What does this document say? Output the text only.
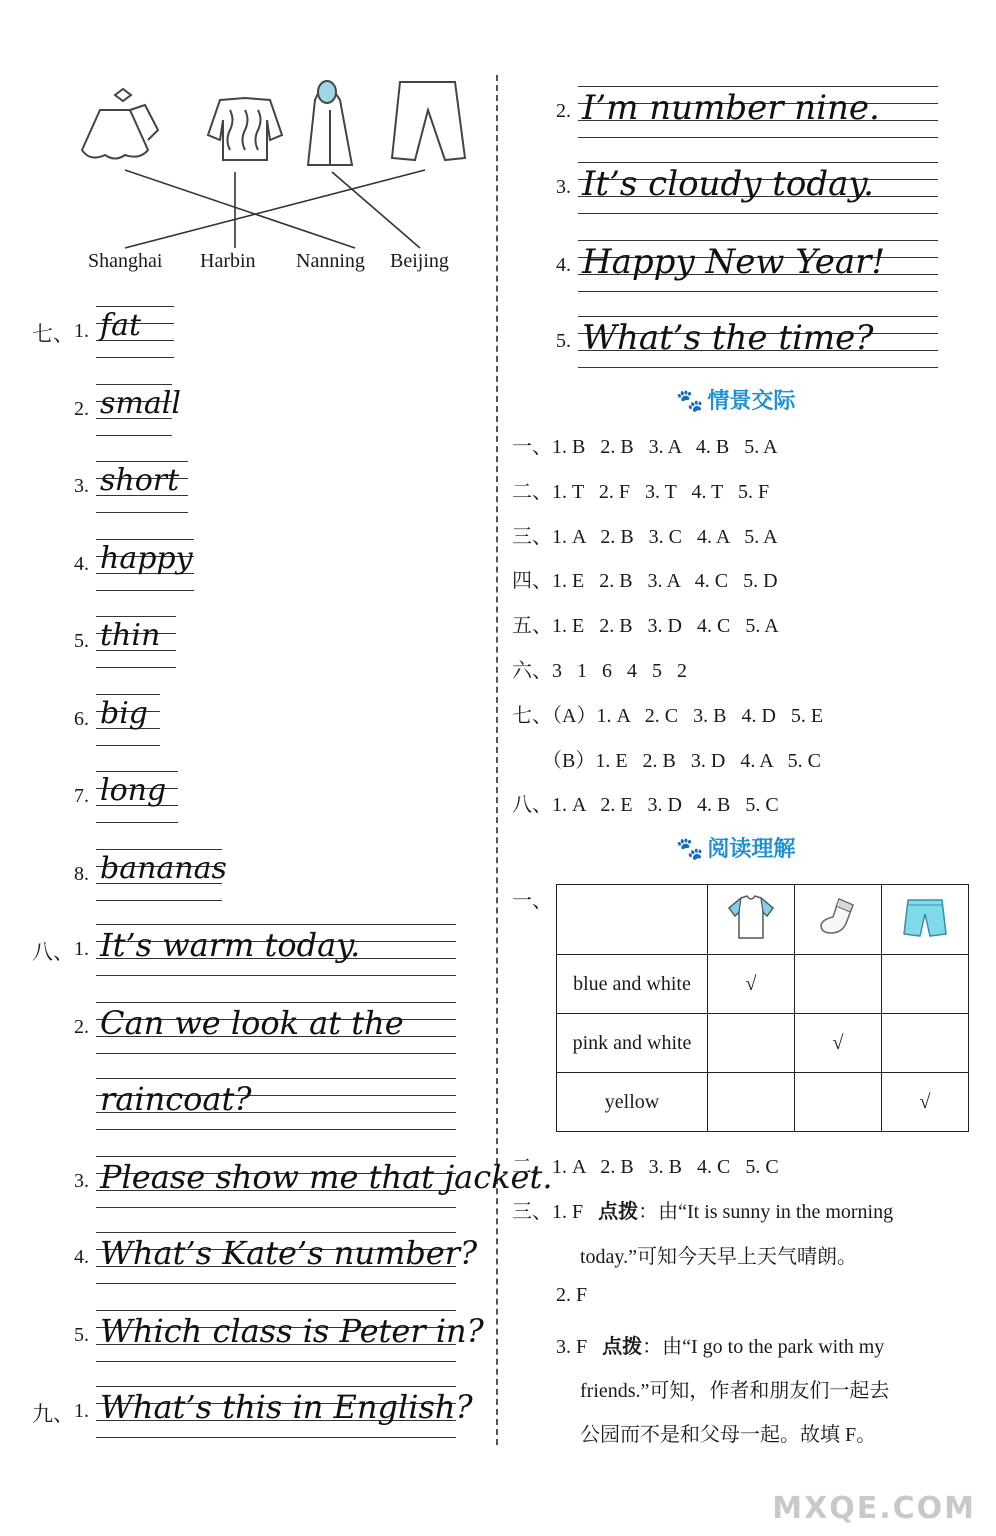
Shanghai Harbin Nanning Beijing
七、 fat
1.
small
2.
short
3.
happy
4.
thin
5.
big
6.
long
7.
bananas
8.
八、 It’s warm today.
1.
Can we look at the
2.
raincoat?
Please show me that jacket.
3.
What’s Kate’s number?
4.
Which class is Peter in?
5.
九、 What’s this in English?
1.
I’m number nine.
2.
It’s cloudy today.
3.
Happy New Year!
4.
What’s the time?
5.
🐾 情景交际
一、1. B   2. B   3. A   4. B   5. A
二、1. T   2. F   3. T   4. T   5. F
三、1. A   2. B   3. C   4. A   5. A
四、1. E   2. B   3. A   4. C   5. D
五、1. E   2. B   3. D   4. C   5. A
六、3   1   6   4   5   2
七、（A）1. A   2. C   3. B   4. D   5. E
（B）1. E   2. B   3. D   4. A   5. C
八、1. A   2. E   3. D   4. B   5. C
🐾 阅读理解
一、

blue and white	√		
pink and white		√	
yellow			√
二、1. A   2. B   3. B   4. C   5. C
三、1. F 点拨：由“It is sunny in the morning
today.”可知今天早上天气晴朗。
2. F
3. F 点拨：由“I go to the park with my
friends.”可知，作者和朋友们一起去
公园而不是和父母一起。故填 F。
MXQE.COM
